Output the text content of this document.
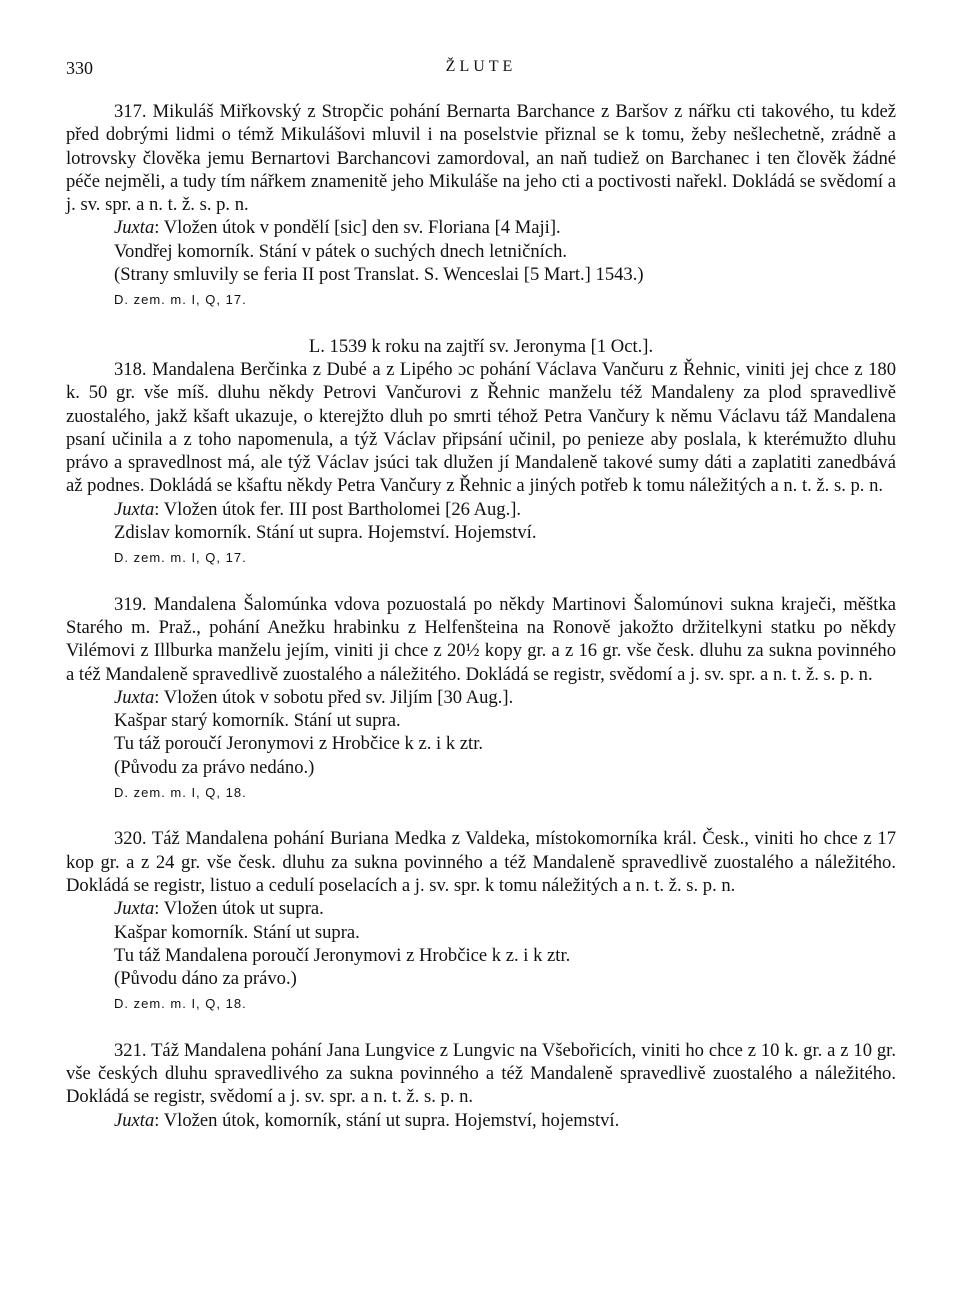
330	ŽLUTE

317. Mikuláš Miřkovský z Stropčic pohání Bernarta Barchance z Baršov z nářku cti takového, tu kdež před dobrými lidmi o témž Mikulášovi mluvil i na poselstvie přiznal se k tomu, žeby nešlechetně, zrádně a lotrovsky člověka jemu Bernartovi Barchancovi zamordoval, an naň tudiež on Barchanec i ten člověk žádné péče nejměli, a tudy tím nářkem znamenitě jeho Mikuláše na jeho cti a poctivosti nařekl. Dokládá se svědomí a j. sv. spr. a n. t. ž. s. p. n.

Juxta: Vložen útok v pondělí [sic] den sv. Floriana [4 Maji].

Vondřej komorník. Stání v pátek o suchých dnech letničních.

(Strany smluvily se feria II post Translat. S. Wenceslai [5 Mart.] 1543.)

D. zem. m. I, Q, 17.

L. 1539 k roku na zajtří sv. Jeronyma [1 Oct.].

318. Mandalena Berčinka z Dubé a z Lipého ɔc pohání Václava Vančuru z Řehnic, viniti jej chce z 180 k. 50 gr. vše míš. dluhu někdy Petrovi Vančurovi z Řehnic manželu též Mandaleny za plod spravedlivě zuostalého, jakž kšaft ukazuje, o kterejžto dluh po smrti téhož Petra Vančury k němu Václavu táž Mandalena psaní učinila a z toho napomenula, a týž Václav připsání učinil, po penieze aby poslala, k kterémužto dluhu právo a spravedlnost má, ale týž Václav jsúci tak dlužen jí Mandaleně takové sumy dáti a zaplatiti zanedbává až podnes. Dokládá se kšaftu někdy Petra Vančury z Řehnic a jiných potřeb k tomu náležitých a n. t. ž. s. p. n.

Juxta: Vložen útok fer. III post Bartholomei [26 Aug.].

Zdislav komorník. Stání ut supra. Hojemství. Hojemství.

D. zem. m. I, Q, 17.

319. Mandalena Šalomúnka vdova pozuostalá po někdy Martinovi Šalomúnovi sukna kraječi, měštka Starého m. Praž., pohání Anežku hrabinku z Helfenšteina na Ronově jakožto držitelkyni statku po někdy Vilémovi z Illburka manželu jejím, viniti ji chce z 20½ kopy gr. a z 16 gr. vše česk. dluhu za sukna povinného a též Mandaleně spravedlivě zuostalého a náležitého. Dokládá se registr, svědomí a j. sv. spr. a n. t. ž. s. p. n.

Juxta: Vložen útok v sobotu před sv. Jiljím [30 Aug.].

Kašpar starý komorník. Stání ut supra.

Tu táž poroučí Jeronymovi z Hrobčice k z. i k ztr.

(Původu za právo nedáno.)

D. zem. m. I, Q, 18.

320. Táž Mandalena pohání Buriana Medka z Valdeka, místokomorníka král. Česk., viniti ho chce z 17 kop gr. a z 24 gr. vše česk. dluhu za sukna povinného a též Mandaleně spravedlivě zuostalého a náležitého. Dokládá se registr, listuo a cedulí poselacích a j. sv. spr. k tomu náležitých a n. t. ž. s. p. n.

Juxta: Vložen útok ut supra.

Kašpar komorník. Stání ut supra.

Tu táž Mandalena poroučí Jeronymovi z Hrobčice k z. i k ztr.

(Původu dáno za právo.)

D. zem. m. I, Q, 18.

321. Táž Mandalena pohání Jana Lungvice z Lungvic na Všebořicích, viniti ho chce z 10 k. gr. a z 10 gr. vše českých dluhu spravedlivého za sukna povinného a též Mandaleně spravedlivě zuostalého a náležitého. Dokládá se registr, svědomí a j. sv. spr. a n. t. ž. s. p. n.

Juxta: Vložen útok, komorník, stání ut supra. Hojemství, hojemství.
